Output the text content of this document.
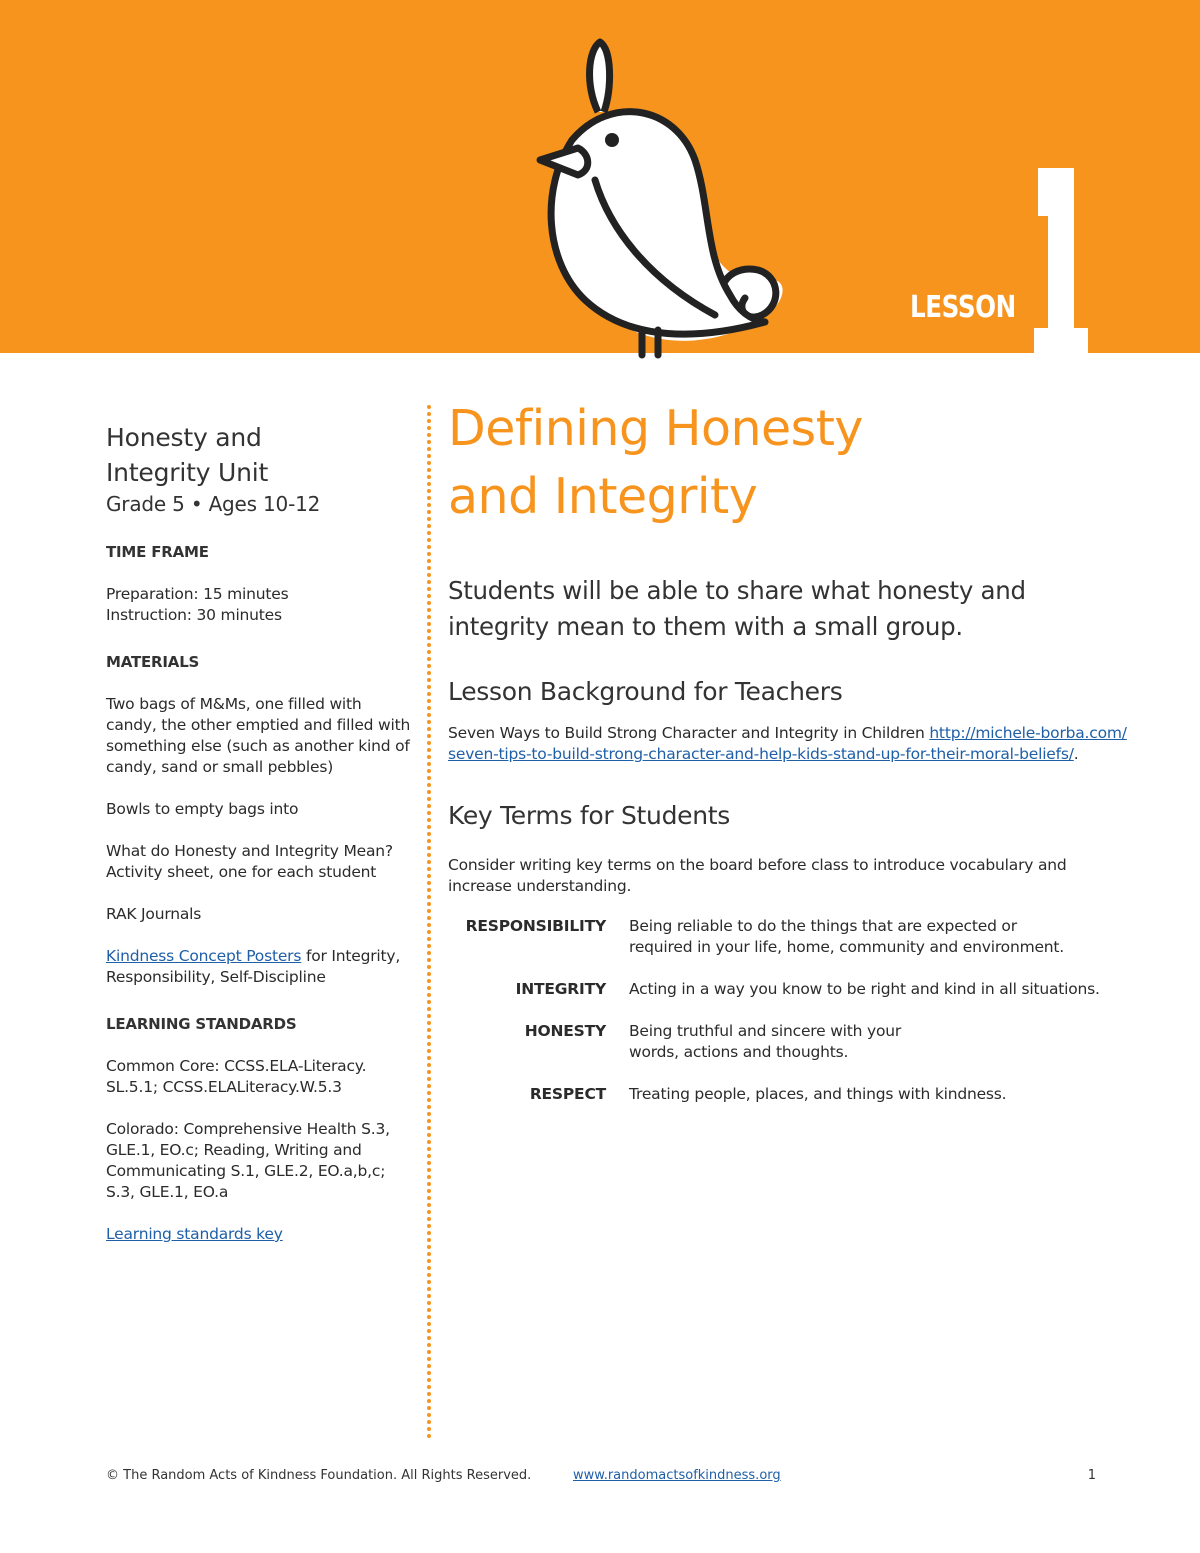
LESSON
Honesty and
Integrity Unit
Grade 5 • Ages 10-12
TIME FRAME
Preparation: 15 minutes
Instruction: 30 minutes
MATERIALS
Two bags of M&Ms, one filled with candy, the other emptied and filled with something else (such as another kind of candy, sand or small pebbles)
Bowls to empty bags into
What do Honesty and Integrity Mean? Activity sheet, one for each student
RAK Journals
Kindness Concept Posters for Integrity, Responsibility, Self-Discipline
LEARNING STANDARDS
Common Core: CCSS.ELA-Literacy. SL.5.1; CCSS.ELALiteracy.W.5.3
Colorado: Comprehensive Health S.3, GLE.1, EO.c; Reading, Writing and Communicating S.1, GLE.2, EO.a,b,c; S.3, GLE.1, EO.a
Learning standards key
Defining Honesty
and Integrity
Students will be able to share what honesty and integrity mean to them with a small group.
Lesson Background for Teachers
Seven Ways to Build Strong Character and Integrity in Children http://michele-borba.com/seven-tips-to-build-strong-character-and-help-kids-stand-up-for-their-moral-beliefs/.
Key Terms for Students
Consider writing key terms on the board before class to introduce vocabulary and increase understanding.
RESPONSIBILITY	Being reliable to do the things that are expected or required in your life, home, community and environment.
INTEGRITY	Acting in a way you know to be right and kind in all situations.
HONESTY	Being truthful and sincere with your words, actions and thoughts.
RESPECT	Treating people, places, and things with kindness.
© The Random Acts of Kindness Foundation. All Rights Reserved.	www.randomactsofkindness.org	1
